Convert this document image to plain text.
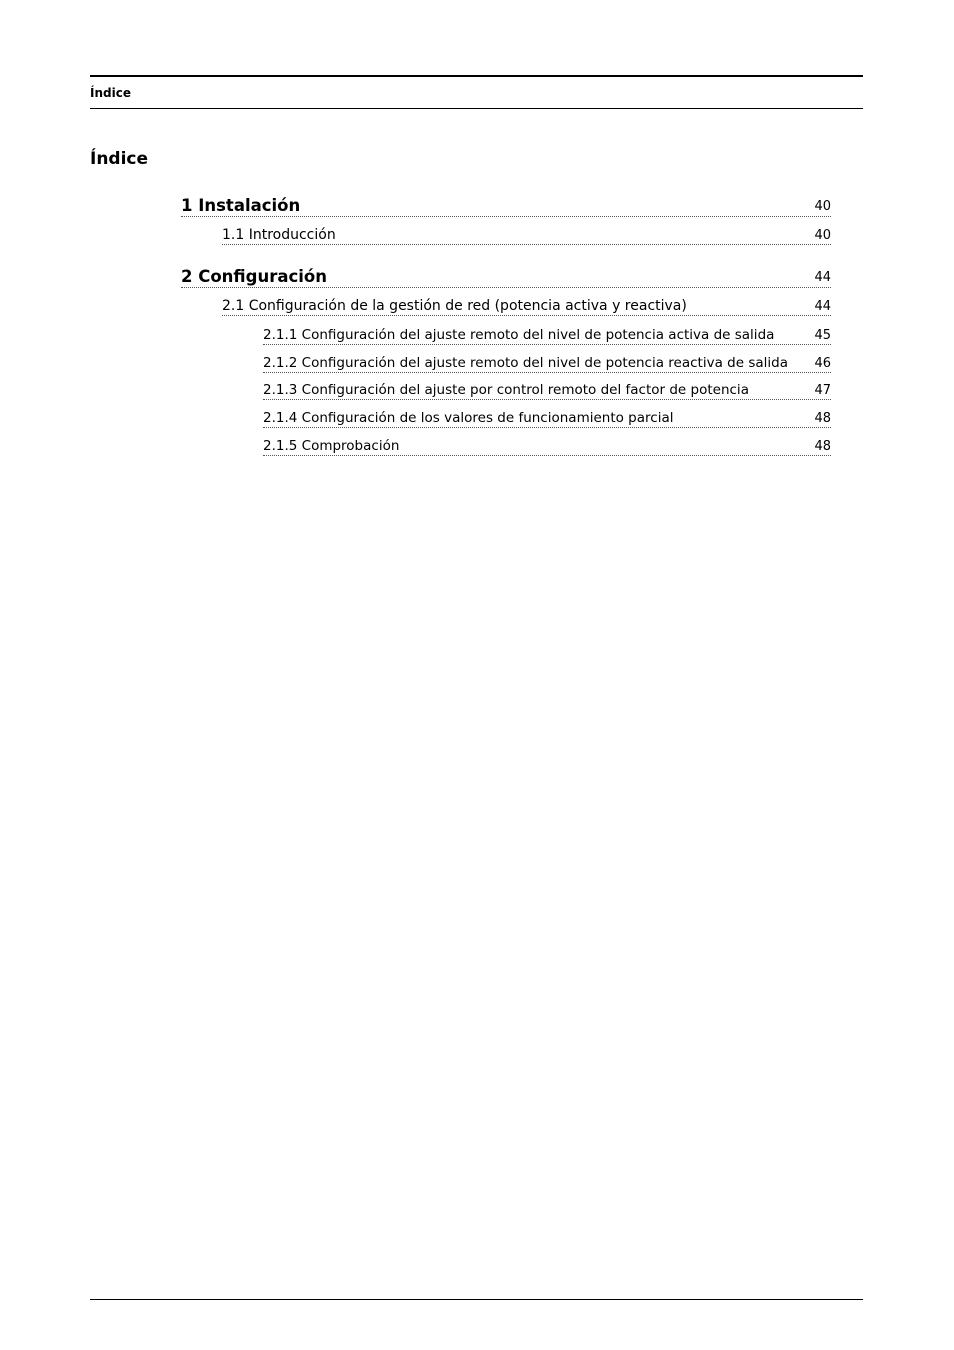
Índice
Índice
1 Instalación	40
1.1 Introducción	40
2 Configuración	44
2.1 Configuración de la gestión de red (potencia activa y reactiva)	44
2.1.1 Configuración del ajuste remoto del nivel de potencia activa de salida	45
2.1.2 Configuración del ajuste remoto del nivel de potencia reactiva de salida	46
2.1.3 Configuración del ajuste por control remoto del factor de potencia	47
2.1.4 Configuración de los valores de funcionamiento parcial	48
2.1.5 Comprobación	48
